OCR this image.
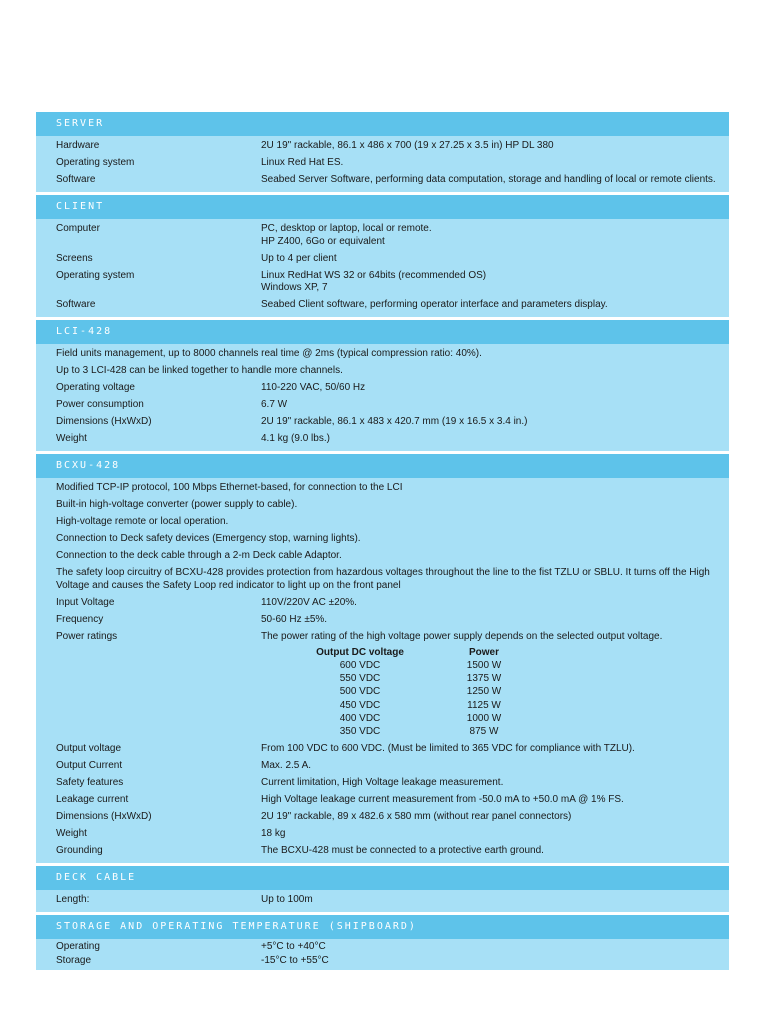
SERVER
Hardware	2U 19" rackable, 86.1 x 486 x 700 (19 x 27.25 x 3.5 in) HP DL 380
Operating system	Linux Red Hat ES.
Software	Seabed Server Software, performing data computation, storage and handling of local or remote clients.
CLIENT
Computer	PC, desktop or laptop, local or remote.
HP Z400, 6Go or equivalent
Screens	Up to 4 per client
Operating system	Linux RedHat WS 32 or 64bits (recommended OS)
Windows XP, 7
Software	Seabed Client software, performing operator interface and parameters display.
LCI-428
Field units management, up to 8000 channels real time @ 2ms (typical compression ratio: 40%).
Up to 3 LCI-428 can be linked together to handle more channels.
Operating voltage	110-220 VAC, 50/60 Hz
Power consumption	6.7 W
Dimensions (HxWxD)	2U 19" rackable, 86.1 x 483 x 420.7 mm (19 x 16.5 x 3.4 in.)
Weight	4.1 kg (9.0 lbs.)
BCXU-428
Modified TCP-IP protocol, 100 Mbps Ethernet-based, for connection to the LCI
Built-in high-voltage converter (power supply to cable).
High-voltage remote or local operation.
Connection to Deck safety devices (Emergency stop, warning lights).
Connection to the deck cable through a 2-m Deck cable Adaptor.
The safety loop circuitry of BCXU-428 provides protection from hazardous voltages throughout the line to the fist TZLU or SBLU. It turns off the High Voltage and causes the Safety Loop red indicator to light up on the front panel
Input Voltage	110V/220V AC ±20%.
Frequency	50-60 Hz ±5%.
Power ratings	The power rating of the high voltage power supply depends on the selected output voltage.
Output DC voltage	Power
600 VDC	1500 W
550 VDC	1375 W
500 VDC	1250 W
450 VDC	1125 W
400 VDC	1000 W
350 VDC	875 W
Output voltage	From 100 VDC to 600 VDC. (Must be limited to 365 VDC for compliance with TZLU).
Output Current	Max. 2.5 A.
Safety features	Current limitation, High Voltage leakage measurement.
Leakage current	High Voltage leakage current measurement from -50.0 mA to +50.0 mA @ 1% FS.
Dimensions (HxWxD)	2U 19" rackable, 89 x 482.6 x 580 mm (without rear panel connectors)
Weight	18 kg
Grounding	The BCXU-428 must be connected to a protective earth ground.
DECK CABLE
Length:	Up to 100m
STORAGE AND OPERATING TEMPERATURE (SHIPBOARD)
Operating	+5°C to +40°C
Storage	-15°C to +55°C
